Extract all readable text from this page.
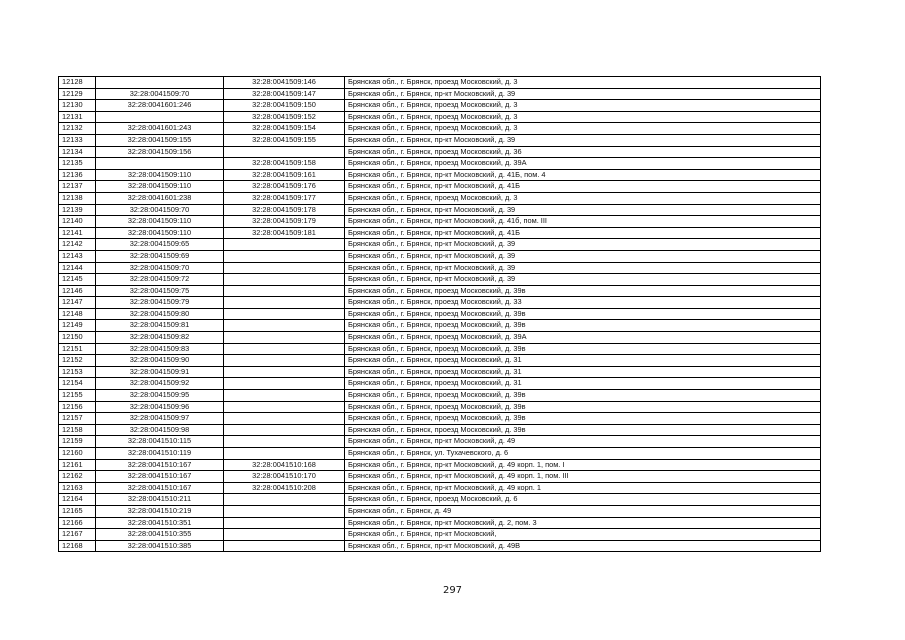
12128		32:28:0041509:146	Брянская обл., г. Брянск, проезд Московский, д. 3
12129	32:28:0041509:70	32:28:0041509:147	Брянская обл., г. Брянск, пр-кт Московский, д. 39
12130	32:28:0041601:246	32:28:0041509:150	Брянская обл., г. Брянск, проезд Московский, д. 3
12131		32:28:0041509:152	Брянская обл., г. Брянск, проезд Московский, д. 3
12132	32:28:0041601:243	32:28:0041509:154	Брянская обл., г. Брянск, проезд Московский, д. 3
12133	32:28:0041509:155	32:28:0041509:155	Брянская обл., г. Брянск, пр-кт Московский, д. 39
12134	32:28:0041509:156		Брянская обл., г. Брянск, проезд Московский, д. 36
12135		32:28:0041509:158	Брянская обл., г. Брянск, проезд Московский, д. 39А
12136	32:28:0041509:110	32:28:0041509:161	Брянская обл., г. Брянск, пр-кт Московский, д. 41Б, пом. 4
12137	32:28:0041509:110	32:28:0041509:176	Брянская обл., г. Брянск, пр-кт Московский, д. 41Б
12138	32:28:0041601:238	32:28:0041509:177	Брянская обл., г. Брянск, проезд Московский, д. 3
12139	32:28:0041509:70	32:28:0041509:178	Брянская обл., г. Брянск, пр-кт Московский, д. 39
12140	32:28:0041509:110	32:28:0041509:179	Брянская обл., г. Брянск, пр-кт Московский, д. 41б, пом. III
12141	32:28:0041509:110	32:28:0041509:181	Брянская обл., г. Брянск, пр-кт Московский, д. 41Б
12142	32:28:0041509:65		Брянская обл., г. Брянск, пр-кт Московский, д. 39
12143	32:28:0041509:69		Брянская обл., г. Брянск, пр-кт Московский, д. 39
12144	32:28:0041509:70		Брянская обл., г. Брянск, пр-кт Московский, д. 39
12145	32:28:0041509:72		Брянская обл., г. Брянск, пр-кт Московский, д. 39
12146	32:28:0041509:75		Брянская обл., г. Брянск, проезд Московский, д. 39в
12147	32:28:0041509:79		Брянская обл., г. Брянск, проезд Московский, д. 33
12148	32:28:0041509:80		Брянская обл., г. Брянск, проезд Московский, д. 39в
12149	32:28:0041509:81		Брянская обл., г. Брянск, проезд Московский, д. 39в
12150	32:28:0041509:82		Брянская обл., г. Брянск, проезд Московский, д. 39А
12151	32:28:0041509:83		Брянская обл., г. Брянск, проезд Московский, д. 39в
12152	32:28:0041509:90		Брянская обл., г. Брянск, проезд Московский, д. 31
12153	32:28:0041509:91		Брянская обл., г. Брянск, проезд Московский, д. 31
12154	32:28:0041509:92		Брянская обл., г. Брянск, проезд Московский, д. 31
12155	32:28:0041509:95		Брянская обл., г. Брянск, проезд Московский, д. 39в
12156	32:28:0041509:96		Брянская обл., г. Брянск, проезд Московский, д. 39в
12157	32:28:0041509:97		Брянская обл., г. Брянск, проезд Московский, д. 39в
12158	32:28:0041509:98		Брянская обл., г. Брянск, проезд Московский, д. 39в
12159	32:28:0041510:115		Брянская обл., г. Брянск, пр-кт Московский, д. 49
12160	32:28:0041510:119		Брянская обл., г. Брянск, ул. Тухачевского, д. 6
12161	32:28:0041510:167	32:28:0041510:168	Брянская обл., г. Брянск, пр-кт Московский, д. 49 корп. 1, пом. I
12162	32:28:0041510:167	32:28:0041510:170	Брянская обл., г. Брянск, пр-кт Московский, д. 49 корп. 1, пом. III
12163	32:28:0041510:167	32:28:0041510:208	Брянская обл., г. Брянск, пр-кт Московский, д. 49 корп. 1
12164	32:28:0041510:211		Брянская обл., г. Брянск, проезд Московский, д. 6
12165	32:28:0041510:219		Брянская обл., г. Брянск, д. 49
12166	32:28:0041510:351		Брянская обл., г. Брянск, пр-кт Московский, д. 2, пом. 3
12167	32:28:0041510:355		Брянская обл., г. Брянск, пр-кт Московский,
12168	32:28:0041510:385		Брянская обл., г. Брянск, пр-кт Московский, д. 49В
297
